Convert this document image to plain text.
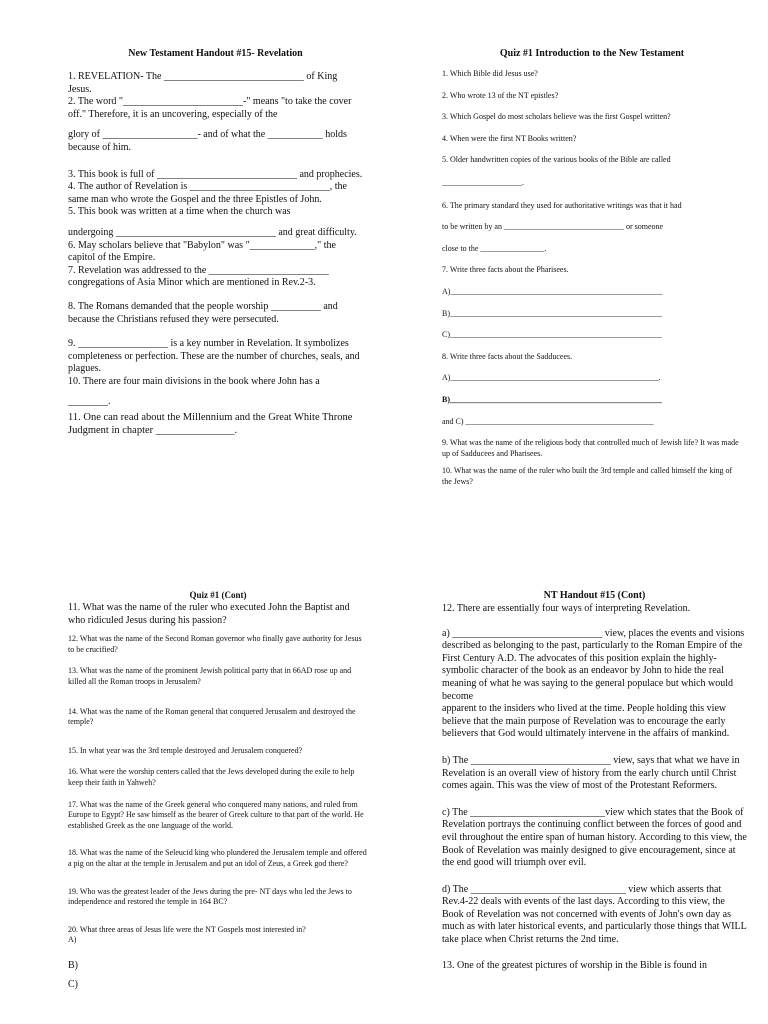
New Testament Handout #15- Revelation

1. REVELATION- The ____________________________ of King Jesus.
2. The word "________________________-" means "to take the cover off." Therefore, it is an uncovering, especially of the

glory of ___________________- and of what the ___________ holds because of him.

3. This book is full of ____________________________ and prophecies.
4. The author of Revelation is ____________________________, the same man who wrote the Gospel and the three Epistles of John.
5. This book was written at a time when the church was

undergoing ________________________________ and great difficulty.
6. May scholars believe that "Babylon" was "_____________," the capitol of the Empire.
7. Revelation was addressed to the ________________________ congregations of Asia Minor which are mentioned in Rev.2-3.

8. The Romans demanded that the people worship __________ and because the Christians refused they were persecuted.

9. __________________ is a key number in Revelation. It symbolizes completeness or perfection. These are the number of churches, seals, and plagues.
10. There are four main divisions in the book where John has a

________.

11. One can read about the Millennium and the Great White Throne Judgment in chapter _______________.

Quiz #1 Introduction to the New Testament

1. Which Bible did Jesus use?

2. Who wrote 13 of the NT epistles?

3. Which Gospel do most scholars believe was the first Gospel written?

4. When were the first NT Books written?

5. Older handwritten copies of the various books of the Bible are called

____________________.

6. The primary standard they used for authoritative writings was that it had

to be written by an ______________________________ or someone

close to the ________________.

7. Write three facts about the Pharisees.

A)_____________________________________________________

B)_____________________________________________________

C)_____________________________________________________

8. Write three facts about the Sadducees.

A)____________________________________________________.

B)_____________________________________________________

and C) _______________________________________________

9. What was the name of the religious body that controlled much of Jewish life? It was made up of Sadducees and Pharisees.

10. What was the name of the ruler who built the 3rd temple and called himself the king of the Jews?

Quiz #1 (Cont)

11. What was the name of the ruler who executed John the Baptist and who ridiculed Jesus during his passion?

12. What was the name of the Second Roman governor who finally gave authority for Jesus to be crucified?

13. What was the name of the prominent Jewish political party that in 66AD rose up and killed all the Roman troops in Jerusalem?

14. What was the name of the Roman general that conquered Jerusalem and destroyed the temple?

15. In what year was the 3rd temple destroyed and Jerusalem conquered?

16. What were the worship centers called that the Jews developed during the exile to help keep their faith in Yahweh?

17. What was the name of the Greek general who conquered many nations, and ruled from Europe to Egypt? He saw himself as the bearer of Greek culture to that part of the world. He established Greek as the one language of the world.

18. What was the name of the Seleucid king who plundered the Jerusalem temple and offered a pig on the altar at the temple in Jerusalem and put an idol of Zeus, a Greek god there?

19. Who was the greatest leader of the Jews during the pre- NT days who led the Jews to independence and restored the temple in 164 BC?

20. What three areas of Jesus life were the NT Gospels most interested in?
A)

B)

C)

NT Handout #15 (Cont)

12. There are essentially four ways of interpreting Revelation.

a) ______________________________ view, places the events and visions described as belonging to the past, particularly to the Roman Empire of the First Century A.D. The advocates of this position explain the highly-symbolic character of the book as an endeavor by John to hide the real meaning of what he was saying to the general populace but which would become
apparent to the insiders who lived at the time. People holding this view believe that the main purpose of Revelation was to encourage the early believers that God would ultimately intervene in the affairs of mankind.

b) The ____________________________ view, says that what we have in Revelation is an overall view of history from the early church until Christ comes again. This was the view of most of the Protestant Reformers.

c) The ___________________________view which states that the Book of Revelation portrays the continuing conflict between the forces of good and evil throughout the entire span of human history. According to this view, the Book of Revelation was mainly designed to give encouragement, since at the end good will triumph over evil.

d) The _______________________________ view which asserts that Rev.4-22 deals with events of the last days. According to this view, the Book of Revelation was not concerned with events of John's own day as much as with later historical events, and particularly those things that WILL take place when Christ returns the 2nd time.

13. One of the greatest pictures of worship in the Bible is found in
